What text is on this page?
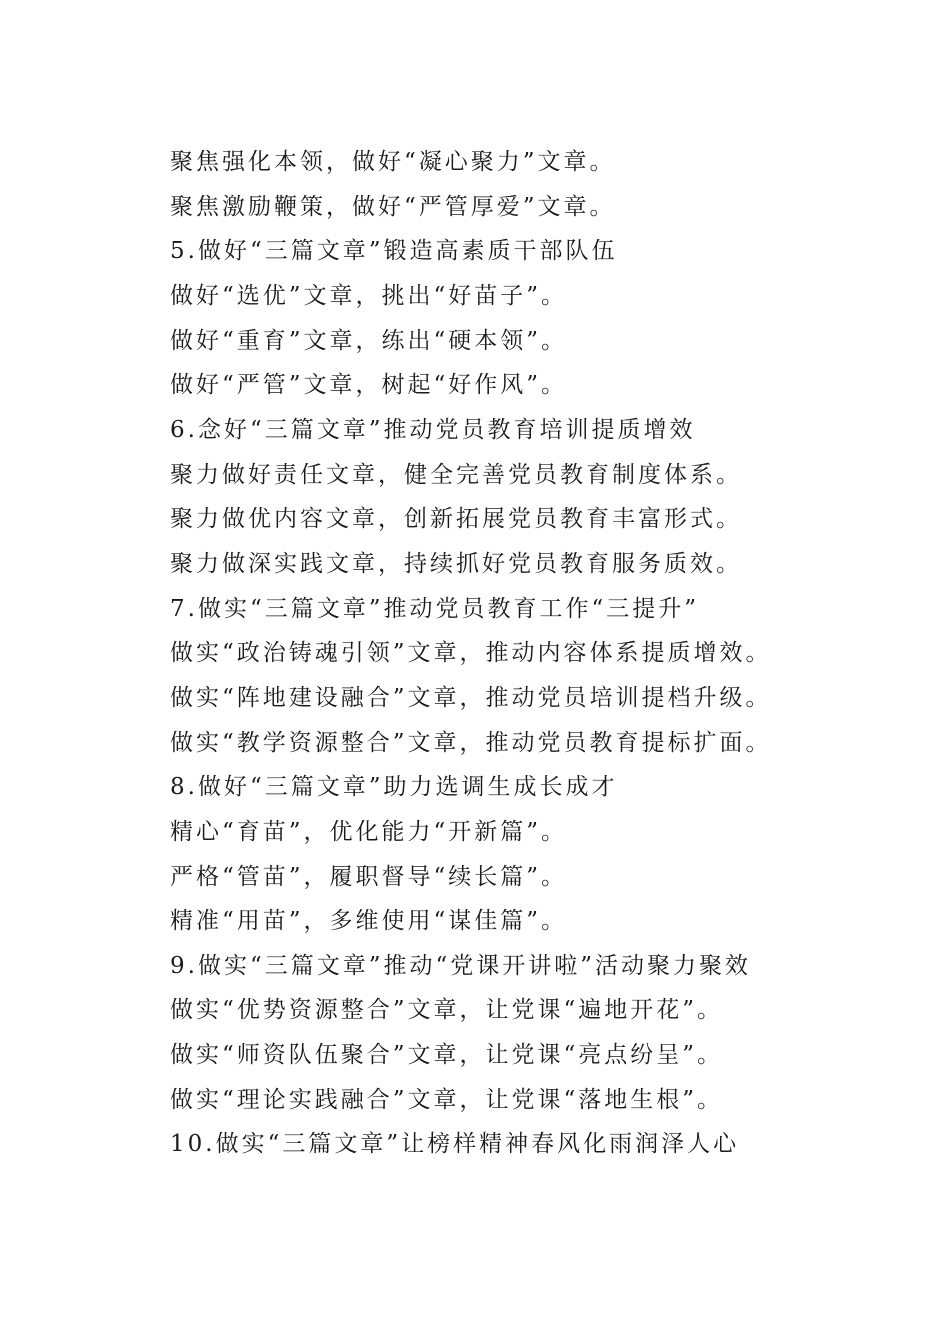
聚焦强化本领，做好“凝心聚力”文章。
聚焦激励鞭策，做好“严管厚爱”文章。
5.做好“三篇文章”锻造高素质干部队伍
做好“选优”文章，挑出“好苗子”。
做好“重育”文章，练出“硬本领”。
做好“严管”文章，树起“好作风”。
6.念好“三篇文章”推动党员教育培训提质增效
聚力做好责任文章，健全完善党员教育制度体系。
聚力做优内容文章，创新拓展党员教育丰富形式。
聚力做深实践文章，持续抓好党员教育服务质效。
7.做实“三篇文章”推动党员教育工作“三提升”
做实“政治铸魂引领”文章，推动内容体系提质增效。
做实“阵地建设融合”文章，推动党员培训提档升级。
做实“教学资源整合”文章，推动党员教育提标扩面。
8.做好“三篇文章”助力选调生成长成才
精心“育苗”，优化能力“开新篇”。
严格“管苗”，履职督导“续长篇”。
精准“用苗”，多维使用“谋佳篇”。
9.做实“三篇文章”推动“党课开讲啦”活动聚力聚效
做实“优势资源整合”文章，让党课“遍地开花”。
做实“师资队伍聚合”文章，让党课“亮点纷呈”。
做实“理论实践融合”文章，让党课“落地生根”。
10.做实“三篇文章”让榜样精神春风化雨润泽人心
